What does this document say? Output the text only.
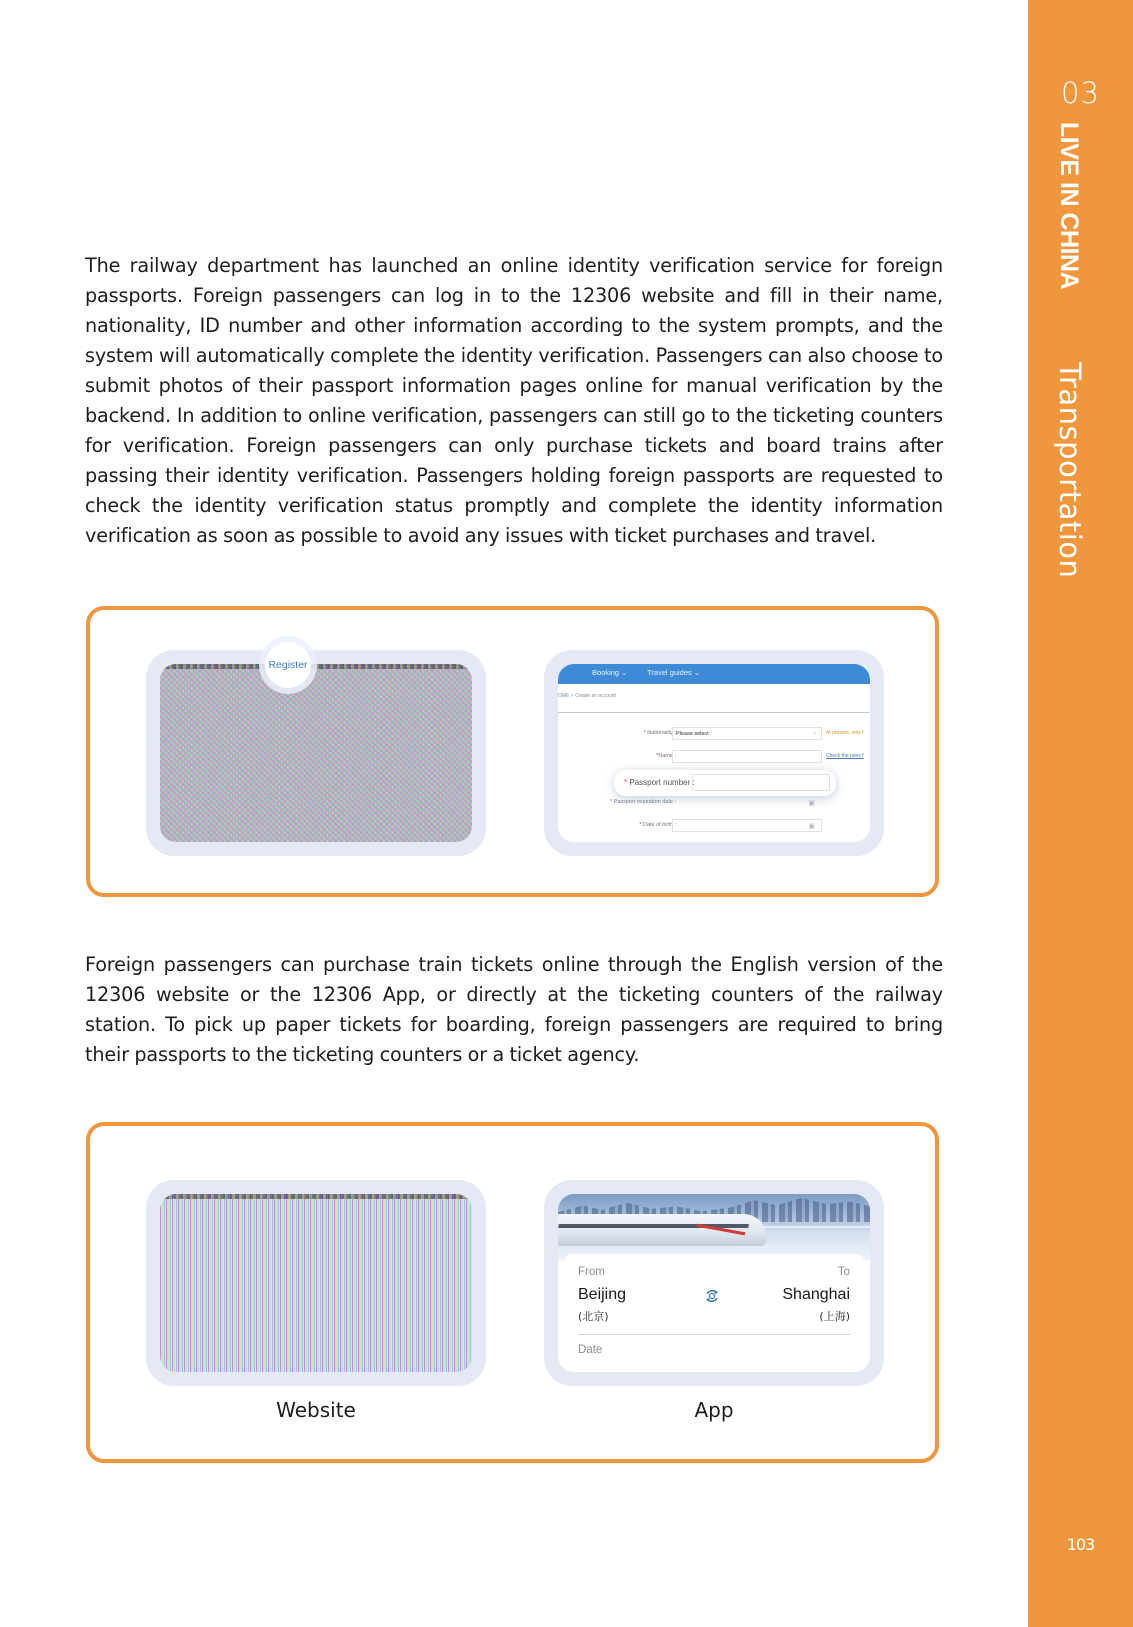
03
103
LIVE IN CHINA
Transportation

The railway department has launched an online identity verification service for foreign passports. Foreign passengers can log in to the 12306 website and fill in their name, nationality, ID number and other information according to the system prompts, and the system will automatically complete the identity verification. Passengers can also choose to submit photos of their passport information pages online for manual verification by the backend. In addition to online verification, passengers can still go to the ticketing counters for verification. Foreign passengers can only purchase tickets and board trains after passing their identity verification. Passengers holding foreign passports are requested to check the identity verification status promptly and complete the identity information verification as soon as possible to avoid any issues with ticket purchases and travel.

Register
Booking ⌄	Travel guides ⌄
OME > Create an account
* Nationality : Please select	⌄ At present, only f
*Name :	Check the rules f
* Passport expiration date :	▣
* Date of birth :	▣
* Passport number :

Foreign passengers can purchase train tickets online through the English version of the 12306 website or the 12306 App, or directly at the ticketing counters of the railway station. To pick up paper tickets for boarding, foreign passengers are required to bring their passports to the ticketing counters or a ticket agency.

Website
From	To
Beijing	Shanghai
(北京)	(上海)
Date
App
